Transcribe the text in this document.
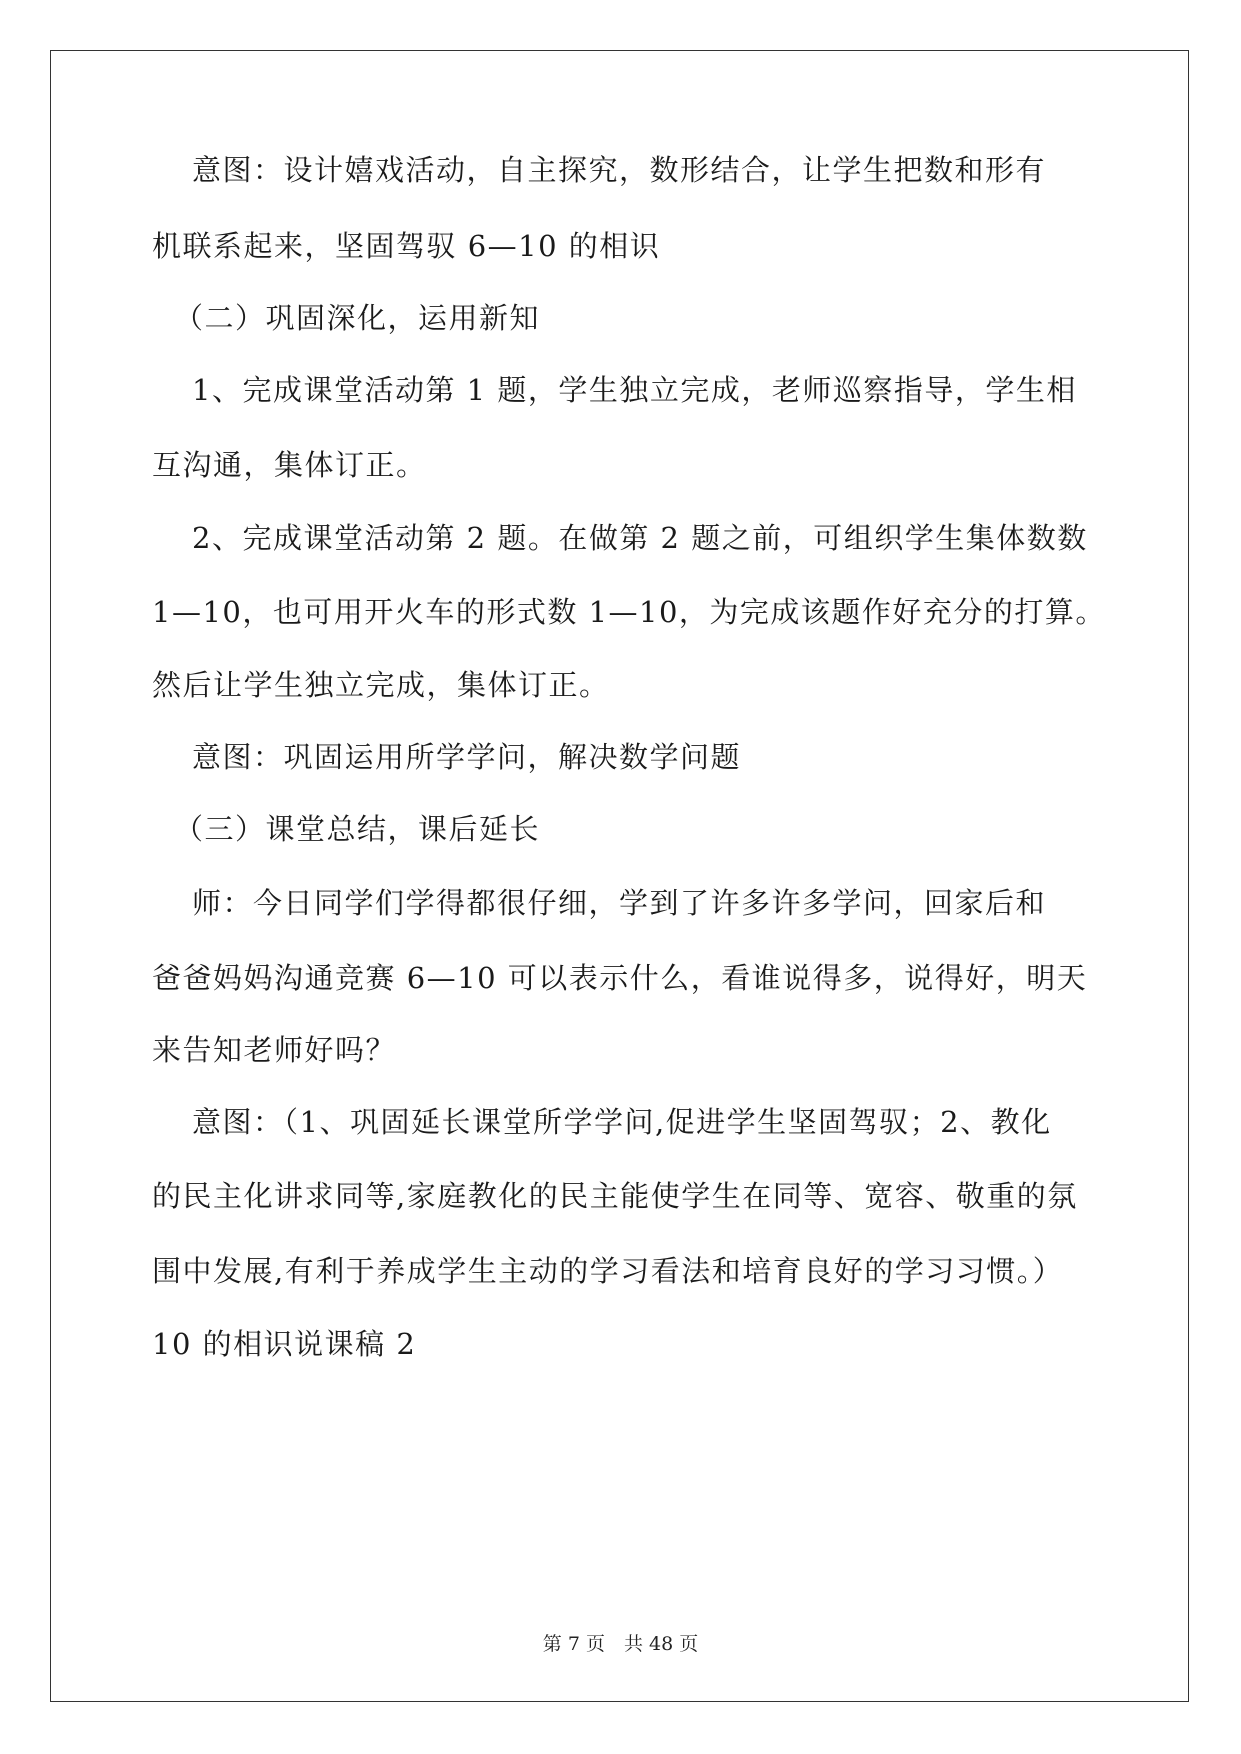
意图：设计嬉戏活动，自主探究，数形结合，让学生把数和形有
机联系起来，坚固驾驭 6—10 的相识
（二）巩固深化，运用新知
1、完成课堂活动第 1 题，学生独立完成，老师巡察指导，学生相
互沟通，集体订正。
2、完成课堂活动第 2 题。在做第 2 题之前，可组织学生集体数数
1—10，也可用开火车的形式数 1—10，为完成该题作好充分的打算。
然后让学生独立完成，集体订正。
意图：巩固运用所学学问，解决数学问题
（三）课堂总结，课后延长
师：今日同学们学得都很仔细，学到了许多许多学问，回家后和
爸爸妈妈沟通竞赛 6—10 可以表示什么，看谁说得多，说得好，明天
来告知老师好吗？
意图：（1、巩固延长课堂所学学问,促进学生坚固驾驭；2、教化
的民主化讲求同等,家庭教化的民主能使学生在同等、宽容、敬重的氛
围中发展,有利于养成学生主动的学习看法和培育良好的学习习惯。）
10 的相识说课稿 2
第 7 页　共 48 页
